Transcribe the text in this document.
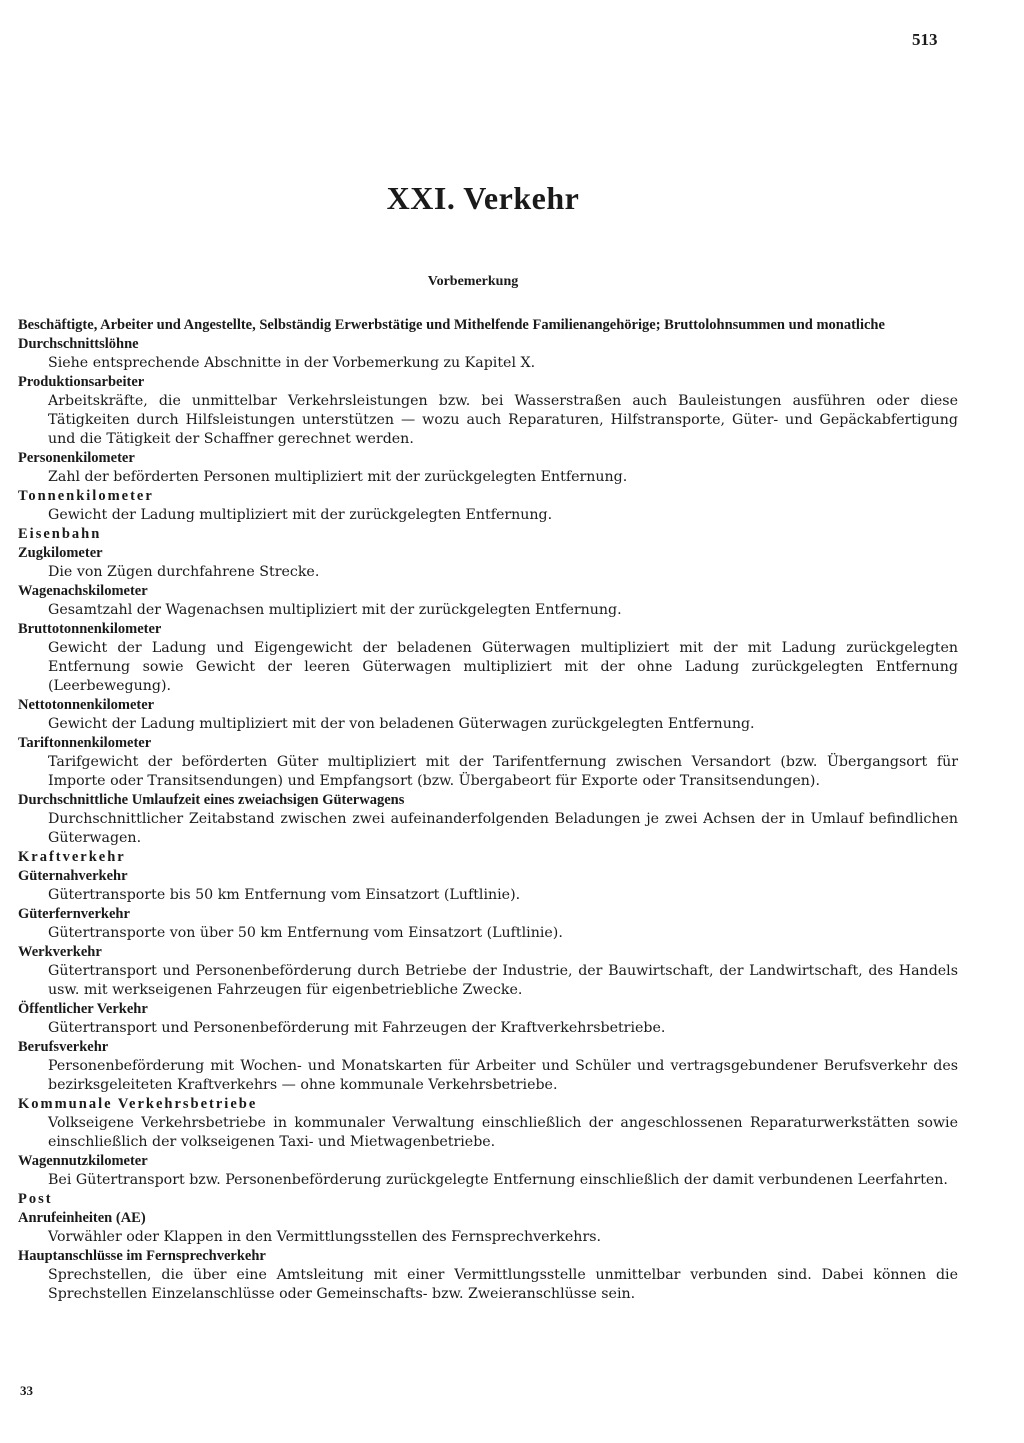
513
XXI. Verkehr
Vorbemerkung

Beschäftigte, Arbeiter und Angestellte, Selbständig Erwerbstätige und Mithelfende Familienangehörige; Bruttolohnsummen und monatliche Durchschnittslöhne

Siehe entsprechende Abschnitte in der Vorbemerkung zu Kapitel X.

Produktionsarbeiter

Arbeitskräfte, die unmittelbar Verkehrsleistungen bzw. bei Wasserstraßen auch Bauleistungen ausführen oder diese Tätigkeiten durch Hilfsleistungen unterstützen — wozu auch Reparaturen, Hilfstransporte, Güter- und Gepäckabfertigung und die Tätigkeit der Schaffner gerechnet werden.

Personenkilometer

Zahl der beförderten Personen multipliziert mit der zurückgelegten Entfernung.

Tonnenkilometer

Gewicht der Ladung multipliziert mit der zurückgelegten Entfernung.

Eisenbahn

Zugkilometer

Die von Zügen durchfahrene Strecke.

Wagenachskilometer

Gesamtzahl der Wagenachsen multipliziert mit der zurückgelegten Entfernung.

Bruttotonnenkilometer

Gewicht der Ladung und Eigengewicht der beladenen Güterwagen multipliziert mit der mit Ladung zurückgelegten Entfernung sowie Gewicht der leeren Güterwagen multipliziert mit der ohne Ladung zurückgelegten Entfernung (Leerbewegung).

Nettotonnenkilometer

Gewicht der Ladung multipliziert mit der von beladenen Güterwagen zurückgelegten Entfernung.

Tariftonnenkilometer

Tarifgewicht der beförderten Güter multipliziert mit der Tarifentfernung zwischen Versandort (bzw. Übergangsort für Importe oder Transitsendungen) und Empfangsort (bzw. Übergabeort für Exporte oder Transitsendungen).

Durchschnittliche Umlaufzeit eines zweiachsigen Güterwagens

Durchschnittlicher Zeitabstand zwischen zwei aufeinanderfolgenden Beladungen je zwei Achsen der in Umlauf befindlichen Güterwagen.

Kraftverkehr

Güternahverkehr

Gütertransporte bis 50 km Entfernung vom Einsatzort (Luftlinie).

Güterfernverkehr

Gütertransporte von über 50 km Entfernung vom Einsatzort (Luftlinie).

Werkverkehr

Gütertransport und Personenbeförderung durch Betriebe der Industrie, der Bauwirtschaft, der Landwirtschaft, des Handels usw. mit werkseigenen Fahrzeugen für eigenbetriebliche Zwecke.

Öffentlicher Verkehr

Gütertransport und Personenbeförderung mit Fahrzeugen der Kraftverkehrsbetriebe.

Berufsverkehr

Personenbeförderung mit Wochen- und Monatskarten für Arbeiter und Schüler und vertragsgebundener Berufsverkehr des bezirksgeleiteten Kraftverkehrs — ohne kommunale Verkehrsbetriebe.

Kommunale Verkehrsbetriebe

Volkseigene Verkehrsbetriebe in kommunaler Verwaltung einschließlich der angeschlossenen Reparaturwerkstätten sowie einschließlich der volkseigenen Taxi- und Mietwagenbetriebe.

Wagennutzkilometer

Bei Gütertransport bzw. Personenbeförderung zurückgelegte Entfernung einschließlich der damit verbundenen Leerfahrten.

Post

Anrufeinheiten (AE)

Vorwähler oder Klappen in den Vermittlungsstellen des Fernsprechverkehrs.

Hauptanschlüsse im Fernsprechverkehr

Sprechstellen, die über eine Amtsleitung mit einer Vermittlungsstelle unmittelbar verbunden sind. Dabei können die Sprechstellen Einzelanschlüsse oder Gemeinschafts- bzw. Zweieranschlüsse sein.

33
